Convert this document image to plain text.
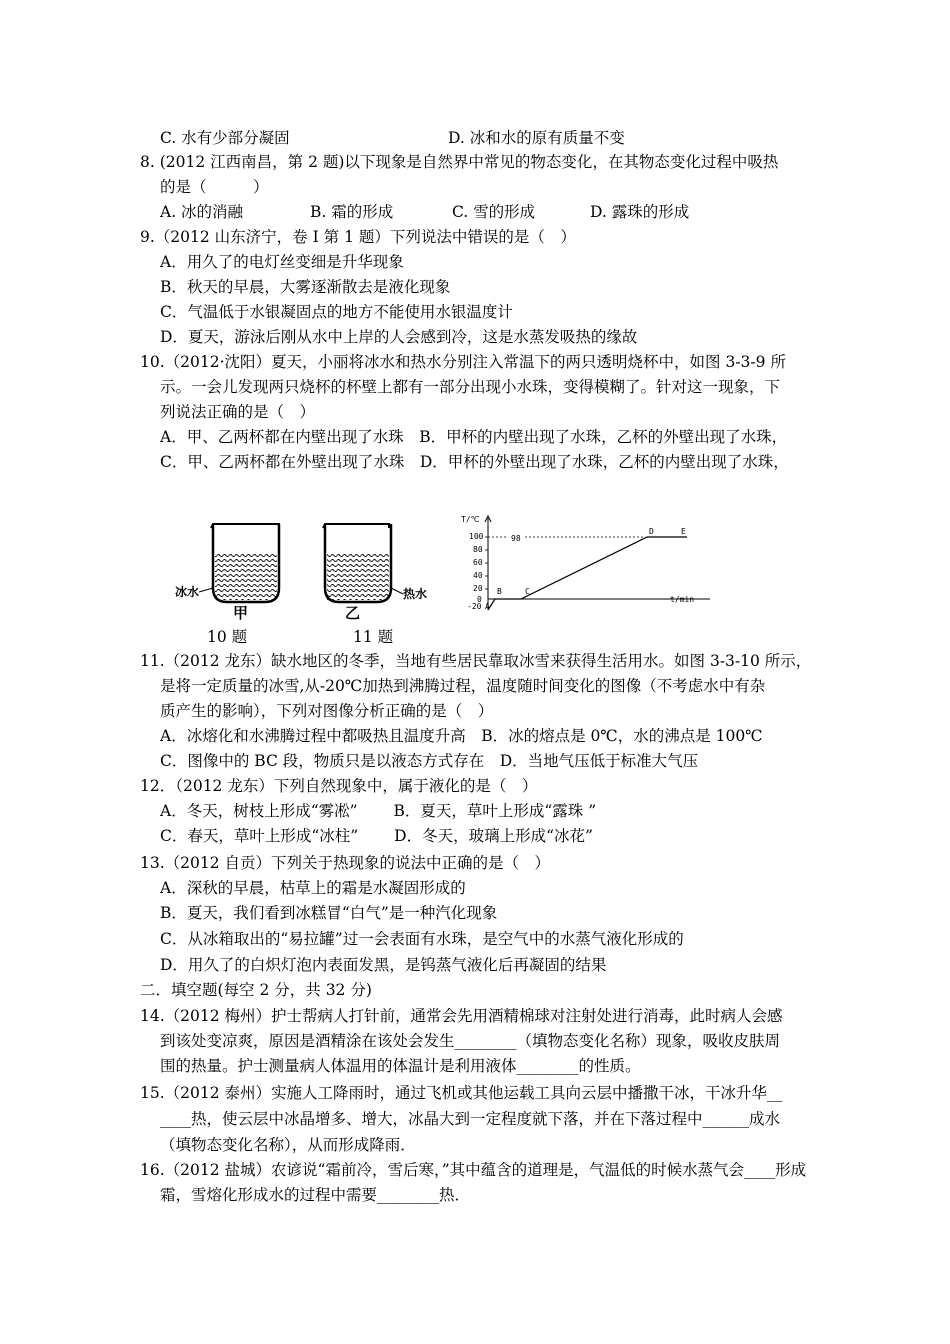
C. 水有少部分凝固	D. 冰和水的原有质量不变
8. (2012 江西南昌，第 2 题)以下现象是自然界中常见的物态变化，在其物态变化过程中吸热
的是（　　　）
A. 冰的消融	B. 霜的形成	C. 雪的形成	D. 露珠的形成
9.（2012 山东济宁，卷 I 第 1 题）下列说法中错误的是（　）
A．用久了的电灯丝变细是升华现象
B．秋天的早晨，大雾逐渐散去是液化现象
C．气温低于水银凝固点的地方不能使用水银温度计
D．夏天，游泳后刚从水中上岸的人会感到冷，这是水蒸发吸热的缘故
10.（2012·沈阳）夏天，小丽将冰水和热水分别注入常温下的两只透明烧杯中，如图 3-3-9 所
示。一会儿发现两只烧杯的杯壁上都有一部分出现小水珠，变得模糊了。针对这一现象，下
列说法正确的是（　）
A．甲、乙两杯都在内壁出现了水珠　B．甲杯的内壁出现了水珠，乙杯的外壁出现了水珠，
C．甲、乙两杯都在外壁出现了水珠　D．甲杯的外壁出现了水珠，乙杯的内壁出现了水珠，
11.（2012 龙东）缺水地区的冬季，当地有些居民靠取冰雪来获得生活用水。如图 3-3-10 所示，
是将一定质量的冰雪,从-20℃加热到沸腾过程，温度随时间变化的图像（不考虑水中有杂
质产生的影响），下列对图像分析正确的是（　）
A．冰熔化和水沸腾过程中都吸热且温度升高　B．冰的熔点是 0℃，水的沸点是 100℃
C．图像中的 BC 段，物质只是以液态方式存在　D．当地气压低于标准大气压
12．（2012 龙东）下列自然现象中，属于液化的是（　）
A．冬天，树枝上形成“雾凇”　　 B．夏天，草叶上形成“露珠 ”
C．春天，草叶上形成“冰柱”　　 D．冬天，玻璃上形成“冰花”
13.（2012 自贡）下列关于热现象的说法中正确的是（　）
A．深秋的早晨，枯草上的霜是水凝固形成的
B．夏天，我们看到冰糕冒“白气”是一种汽化现象
C．从冰箱取出的“易拉罐”过一会表面有水珠，是空气中的水蒸气液化形成的
D．用久了的白炽灯泡内表面发黑，是钨蒸气液化后再凝固的结果
二．填空题(每空 2 分，共 32 分)
14.（2012 梅州）护士帮病人打针前，通常会先用酒精棉球对注射处进行消毒，此时病人会感
到该处变凉爽，原因是酒精涂在该处会发生________（填物态变化名称）现象，吸收皮肤周
围的热量。护士测量病人体温用的体温计是利用液体________的性质。
15.（2012 泰州）实施人工降雨时，通过飞机或其他运载工具向云层中播撒干冰，干冰升华__
____热，使云层中冰晶增多、增大，冰晶大到一定程度就下落，并在下落过程中______成水
（填物态变化名称），从而形成降雨．
16.（2012 盐城）农谚说“霜前冷，雪后寒，”其中蕴含的道理是，气温低的时候水蒸气会____形成
霜，雪熔化形成水的过程中需要________热．
冰水
甲	乙
热水
T/℃
t/min
100
80
60
40
20
0
-20
98
A
B	C
D	E
10 题	11 题
